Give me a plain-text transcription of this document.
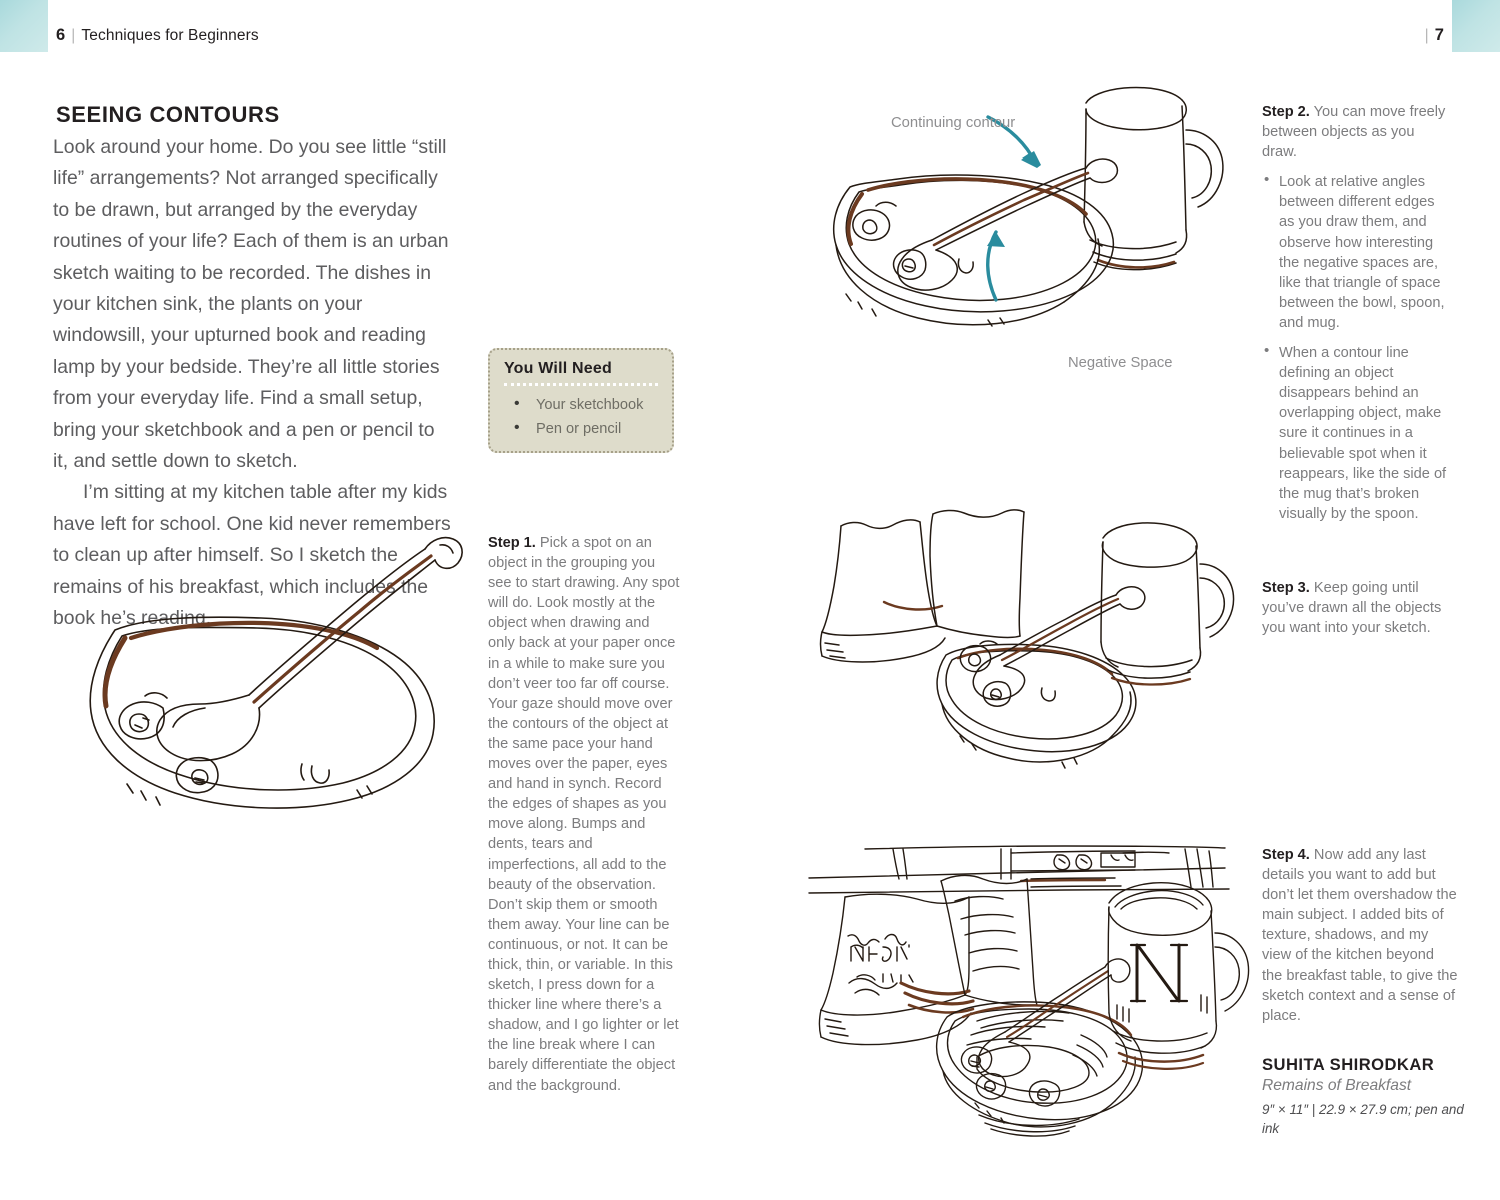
6 | Techniques for Beginners	| 7
SEEING CONTOURS

Look around your home. Do you see little “still life” arrangements? Not arranged specifically to be drawn, but arranged by the everyday routines of your life? Each of them is an urban sketch waiting to be recorded. The dishes in your kitchen sink, the plants on your windowsill, your upturned book and reading lamp by your bedside. They’re all little stories from your everyday life. Find a small setup, bring your sketchbook and a pen or pencil to it, and settle down to sketch.

I’m sitting at my kitchen table after my kids have left for school. One kid never remembers to clean up after himself. So I sketch the remains of his breakfast, which includes the book he’s reading.

You Will Need
• Your sketchbook
• Pen or pencil
Continuing contour
Negative Space

Step 1. Pick a spot on an object in the grouping you see to start drawing. Any spot will do. Look mostly at the object when drawing and only back at your paper once in a while to make sure you don’t veer too far off course. Your gaze should move over the contours of the object at the same pace your hand moves over the paper, eyes and hand in synch. Record the edges of shapes as you move along. Bumps and dents, tears and imperfections, all add to the beauty of the observation. Don’t skip them or smooth them away. Your line can be continuous, or not. It can be thick, thin, or variable. In this sketch, I press down for a thicker line where there’s a shadow, and I go lighter or let the line break where I can barely differentiate the object and the background.

Step 2. You can move freely between objects as you draw.

• Look at relative angles between different edges as you draw them, and observe how interesting the negative spaces are, like that triangle of space between the bowl, spoon, and mug.
• When a contour line defining an object disappears behind an overlapping object, make sure it continues in a believable spot when it reappears, like the side of the mug that’s broken visually by the spoon.

Step 3. Keep going until you’ve drawn all the objects you want into your sketch.

Step 4. Now add any last details you want to add but don’t let them overshadow the main subject. I added bits of texture, shadows, and my view of the kitchen beyond the breakfast table, to give the sketch context and a sense of place.

SUHITA SHIRODKAR
Remains of Breakfast
9″ × 11″ | 22.9 × 27.9 cm; pen and ink
